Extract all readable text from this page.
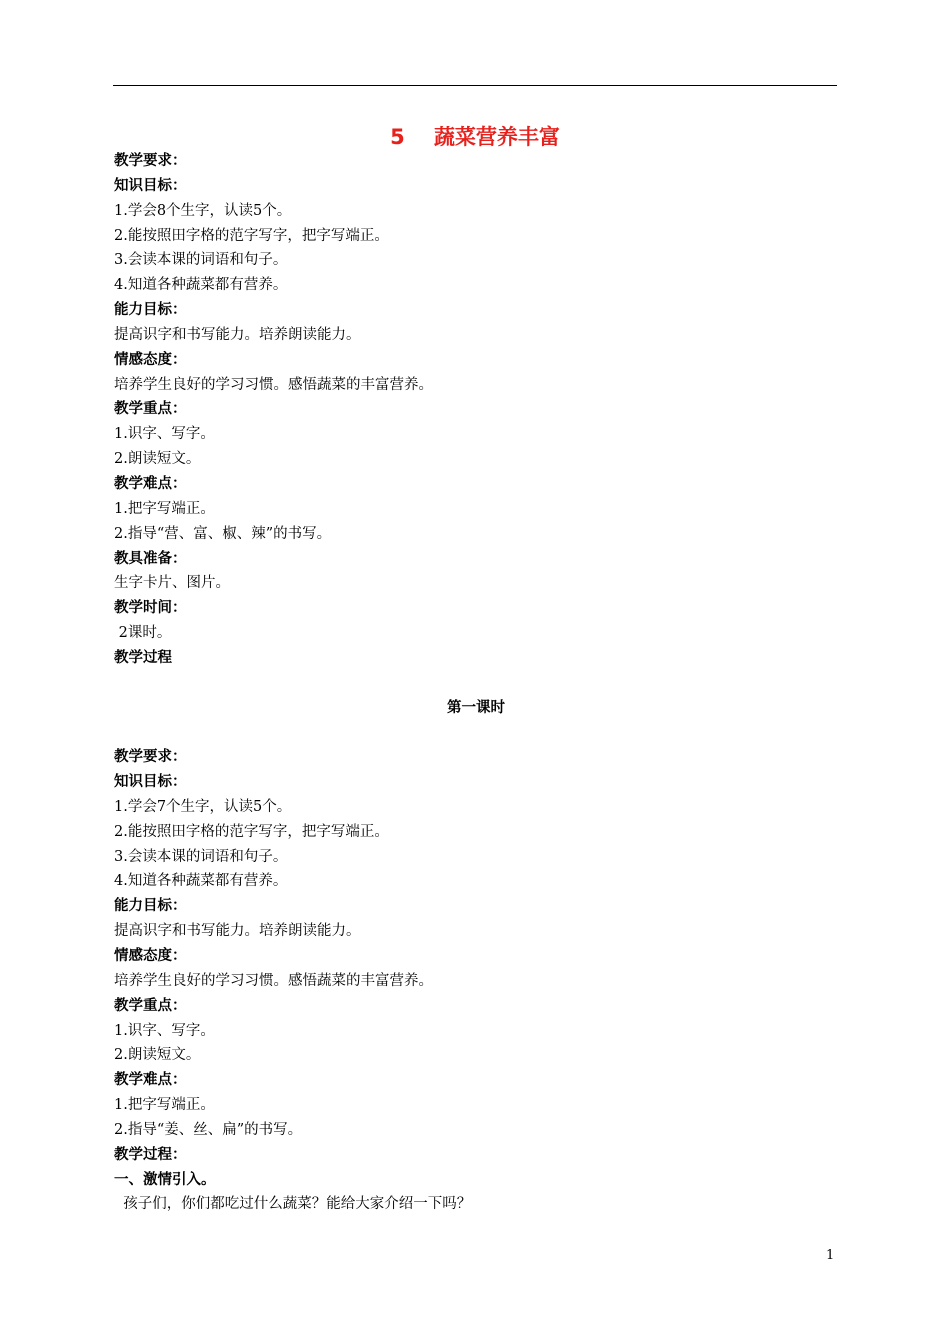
5 蔬菜营养丰富
教学要求：
知识目标：
1.学会8个生字，认读5个。
2.能按照田字格的范字写字，把字写端正。
3.会读本课的词语和句子。
4.知道各种蔬菜都有营养。
能力目标：
提高识字和书写能力。培养朗读能力。
情感态度：
培养学生良好的学习习惯。感悟蔬菜的丰富营养。
教学重点：
1.识字、写字。
2.朗读短文。
教学难点：
1.把字写端正。
2.指导“营、富、椒、辣”的书写。
教具准备：
生字卡片、图片。
教学时间：
2课时。
教学过程
第一课时
教学要求：
知识目标：
1.学会7个生字，认读5个。
2.能按照田字格的范字写字，把字写端正。
3.会读本课的词语和句子。
4.知道各种蔬菜都有营养。
能力目标：
提高识字和书写能力。培养朗读能力。
情感态度：
培养学生良好的学习习惯。感悟蔬菜的丰富营养。
教学重点：
1.识字、写字。
2.朗读短文。
教学难点：
1.把字写端正。
2.指导“姜、丝、扁”的书写。
教学过程：
一、激情引入。
孩子们，你们都吃过什么蔬菜？能给大家介绍一下吗？
1
